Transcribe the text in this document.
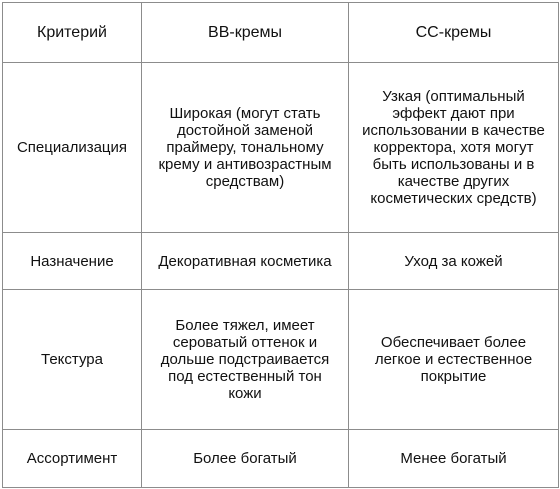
Критерий	BB-кремы	CC-кремы
Специализация	Широкая (могут стать достойной заменой праймеру, тональному крему и антивозрастным средствам)	Узкая (оптимальный эффект дают при использовании в качестве корректора, хотя могут быть использованы и в качестве других косметических средств)
Назначение	Декоративная косметика	Уход за кожей
Текстура	Более тяжел, имеет сероватый оттенок и дольше подстраивается под естественный тон кожи	Обеспечивает более легкое и естественное покрытие
Ассортимент	Более богатый	Менее богатый
